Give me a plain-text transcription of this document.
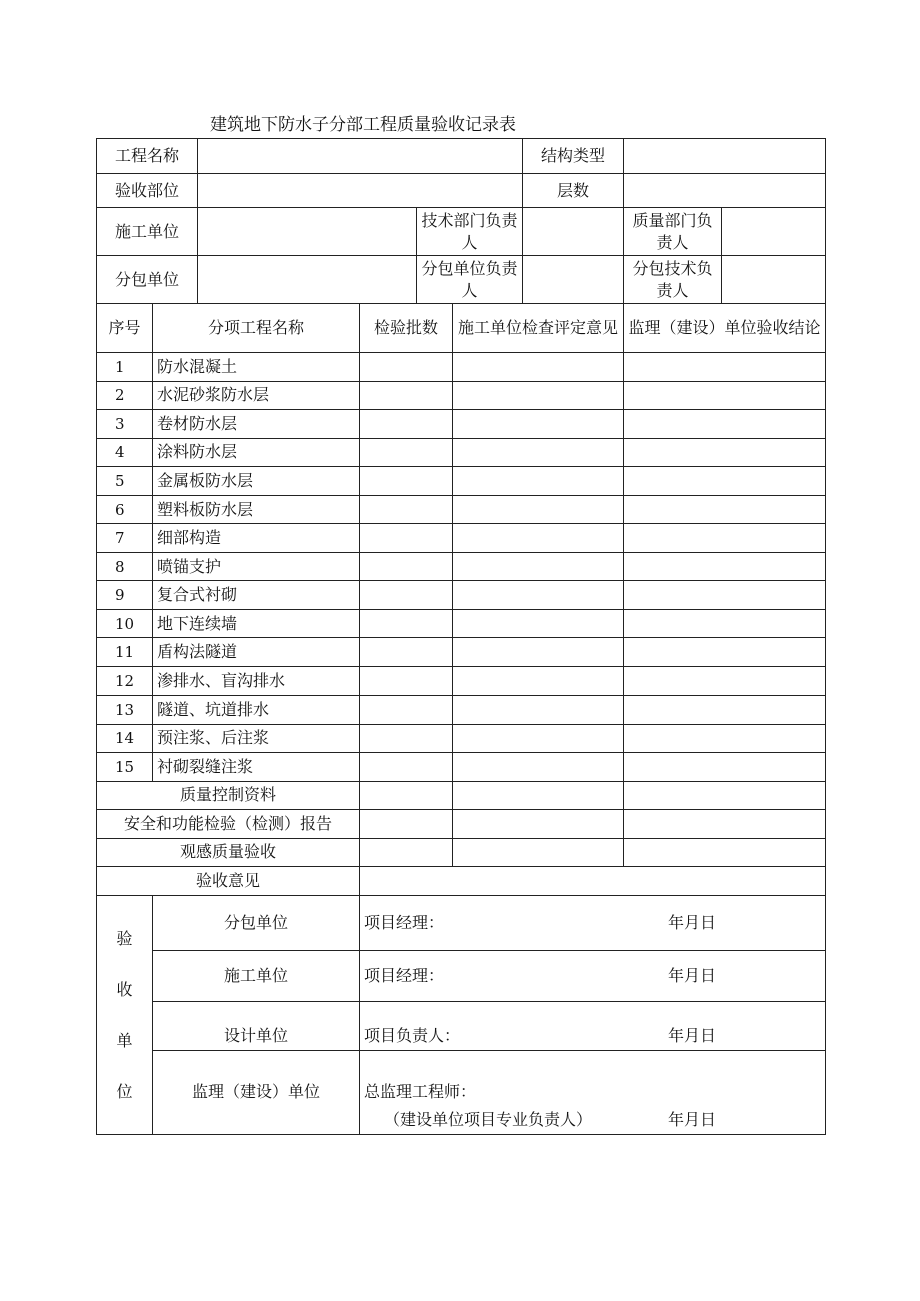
建筑地下防水子分部工程质量验收记录表
工程名称						结构类型		
验收部位						层数		
施工单位				技术部门负责人			质量部门负责人	
分包单位				分包单位负责人			分包技术负责人	
序号	分项工程名称		检验批数		施工单位检查评定意见		监理（建设）单位验收结论	
1	防水混凝土							
2	水泥砂浆防水层							
3	卷材防水层							
4	涂料防水层							
5	金属板防水层							
6	塑料板防水层							
7	细部构造							
8	喷锚支护							
9	复合式衬砌							
10	地下连续墙							
11	盾构法隧道							
12	渗排水、盲沟排水							
13	隧道、坑道排水							
14	预注浆、后注浆							
15	衬砌裂缝注浆							
质量控制资料								
安全和功能检验（检测）报告								
观感质量验收								
验收意见								

验
收
单
位	分包单位		项目经理： 年月日					

	施工单位		项目经理： 年月日					

	设计单位		项目负责人： 年月日					

	监理（建设）单位		总监理工程师：
（建设单位项目专业负责人） 年月日					
